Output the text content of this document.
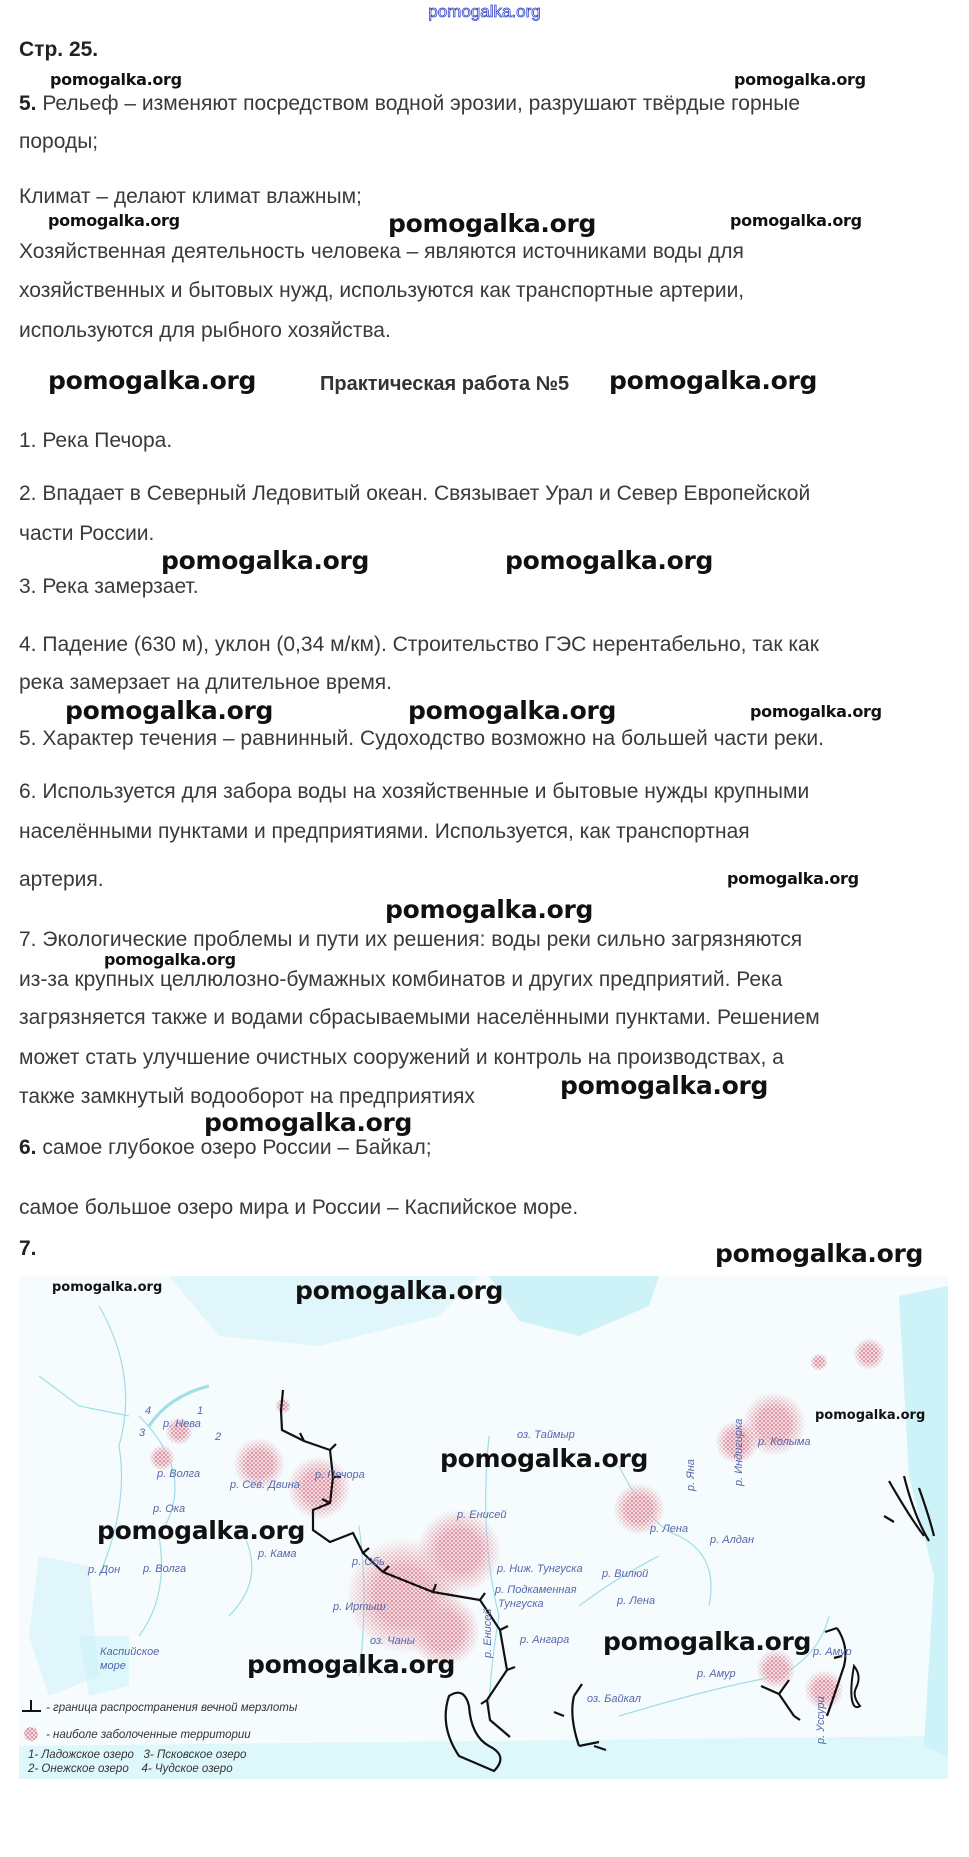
pomogalka.org
Стр. 25.
5. Рельеф – изменяют посредством водной эрозии, разрушают твёрдые горные
породы;
Климат – делают климат влажным;
Хозяйственная деятельность человека – являются источниками воды для
хозяйственных и бытовых нужд, используются как транспортные артерии,
используются для рыбного хозяйства.
Практическая работа №5
1. Река Печора.
2. Впадает в Северный Ледовитый океан. Связывает Урал и Север Европейской
части России.
3. Река замерзает.
4. Падение (630 м), уклон (0,34 м/км). Строительство ГЭС нерентабельно, так как
река замерзает на длительное время.
5. Характер течения – равнинный. Судоходство возможно на большей части реки.
6. Используется для забора воды на хозяйственные и бытовые нужды крупными
населёнными пунктами и предприятиями. Используется, как транспортная
артерия.
7. Экологические проблемы и пути их решения: воды реки сильно загрязняются
из-за крупных целлюлозно-бумажных комбинатов и других предприятий. Река
загрязняется также и водами сбрасываемыми населёнными пунктами. Решением
может стать улучшение очистных сооружений и контроль на производствах, а
также замкнутый водооборот на предприятиях
6. самое глубокое озеро России – Байкал;
самое большое озеро мира и России – Каспийское море.
7.
р. Нева
р. Волга
р. Сев. Двина
р. Печора
р. Ока
р. Кама
р. Дон р. Волга
р. Обь
р. Иртыш
Каспийское
море
оз. Чаны
оз. Таймыр
р. Енисей
р. Ниж. Тунгуска
р. Подкаменная
Тунгуска
р. Енисей р. Ангара
р. Вилюй
р. Лена
р. Лена
р. Алдан
р. Яна	р. Индигирка р. Колыма
оз. Байкал
р. Амур
р. Амур
р. Уссури
1
2
3
4
- граница распространения вечной мерзлоты
- наиболе заболоченные территории
1- Ладожское озеро   3- Псковское озеро
2- Онежское озеро    4- Чудское озеро
pomogalka.org	pomogalka.org
pomogalka.org	pomogalka.org	pomogalka.org
pomogalka.org	pomogalka.org
pomogalka.org	pomogalka.org
pomogalka.org	pomogalka.org	pomogalka.org
pomogalka.org
pomogalka.org
pomogalka.org
pomogalka.org
pomogalka.org
pomogalka.org
pomogalka.org	pomogalka.org
pomogalka.org
pomogalka.org
pomogalka.org
pomogalka.org
pomogalka.org
